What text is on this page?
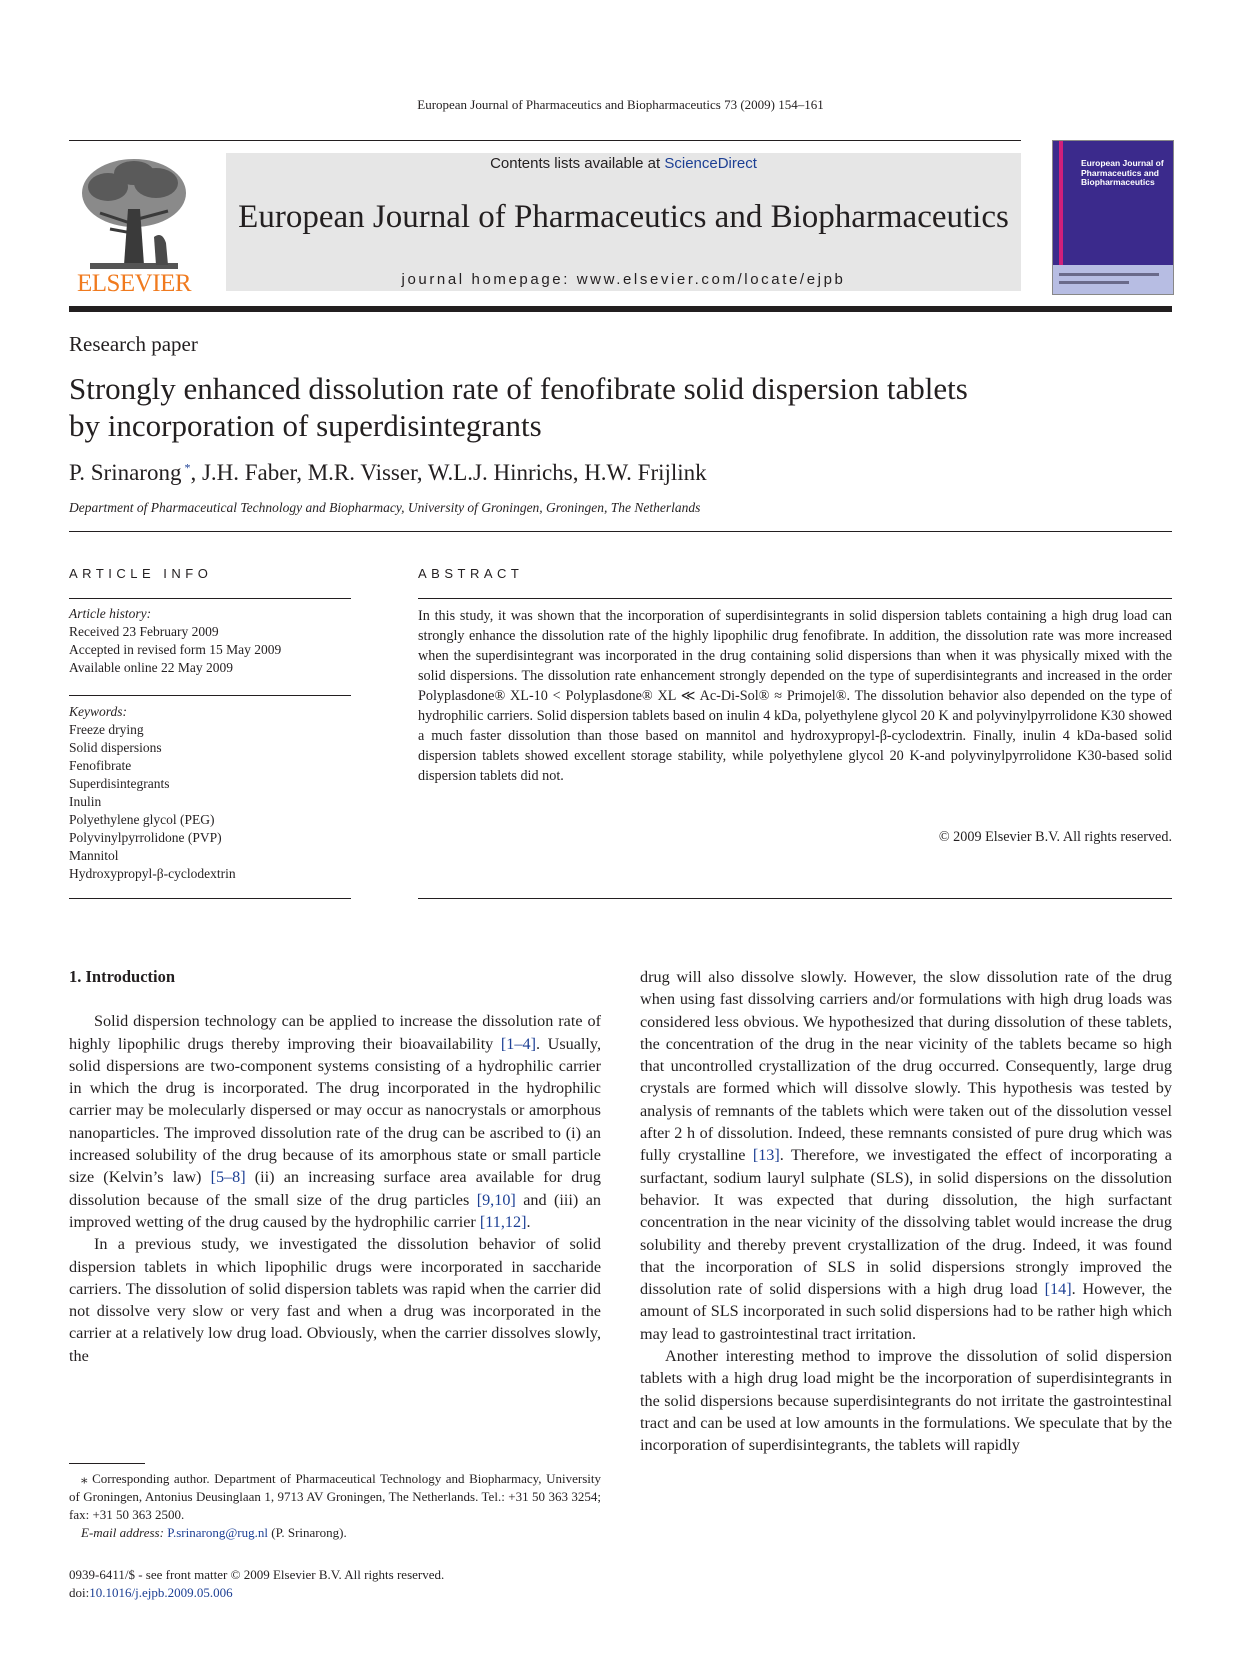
European Journal of Pharmaceutics and Biopharmaceutics 73 (2009) 154–161
ELSEVIER
Contents lists available at ScienceDirect
European Journal of Pharmaceutics and Biopharmaceutics
journal homepage: www.elsevier.com/locate/ejpb
European Journal of Pharmaceutics and Biopharmaceutics
Research paper
Strongly enhanced dissolution rate of fenofibrate solid dispersion tablets
by incorporation of superdisintegrants
P. Srinarong *, J.H. Faber, M.R. Visser, W.L.J. Hinrichs, H.W. Frijlink
Department of Pharmaceutical Technology and Biopharmacy, University of Groningen, Groningen, The Netherlands
ARTICLE INFO
Article history:
Received 23 February 2009
Accepted in revised form 15 May 2009
Available online 22 May 2009
Keywords:
Freeze drying
Solid dispersions
Fenofibrate
Superdisintegrants
Inulin
Polyethylene glycol (PEG)
Polyvinylpyrrolidone (PVP)
Mannitol
Hydroxypropyl-β-cyclodextrin
ABSTRACT
In this study, it was shown that the incorporation of superdisintegrants in solid dispersion tablets containing a high drug load can strongly enhance the dissolution rate of the highly lipophilic drug fenofibrate. In addition, the dissolution rate was more increased when the superdisintegrant was incorporated in the drug containing solid dispersions than when it was physically mixed with the solid dispersions. The dissolution rate enhancement strongly depended on the type of superdisintegrants and increased in the order Polyplasdone® XL-10 < Polyplasdone® XL ≪ Ac-Di-Sol® ≈ Primojel®. The dissolution behavior also depended on the type of hydrophilic carriers. Solid dispersion tablets based on inulin 4 kDa, polyethylene glycol 20 K and polyvinylpyrrolidone K30 showed a much faster dissolution than those based on mannitol and hydroxypropyl-β-cyclodextrin. Finally, inulin 4 kDa-based solid dispersion tablets showed excellent storage stability, while polyethylene glycol 20 K-and polyvinylpyrrolidone K30-based solid dispersion tablets did not.
© 2009 Elsevier B.V. All rights reserved.
1. Introduction

Solid dispersion technology can be applied to increase the dissolution rate of highly lipophilic drugs thereby improving their bioavailability [1–4]. Usually, solid dispersions are two-component systems consisting of a hydrophilic carrier in which the drug is incorporated. The drug incorporated in the hydrophilic carrier may be molecularly dispersed or may occur as nanocrystals or amorphous nanoparticles. The improved dissolution rate of the drug can be ascribed to (i) an increased solubility of the drug because of its amorphous state or small particle size (Kelvin’s law) [5–8] (ii) an increasing surface area available for drug dissolution because of the small size of the drug particles [9,10] and (iii) an improved wetting of the drug caused by the hydrophilic carrier [11,12].

In a previous study, we investigated the dissolution behavior of solid dispersion tablets in which lipophilic drugs were incorporated in saccharide carriers. The dissolution of solid dispersion tablets was rapid when the carrier did not dissolve very slow or very fast and when a drug was incorporated in the carrier at a relatively low drug load. Obviously, when the carrier dissolves slowly, the

drug will also dissolve slowly. However, the slow dissolution rate of the drug when using fast dissolving carriers and/or formulations with high drug loads was considered less obvious. We hypothesized that during dissolution of these tablets, the concentration of the drug in the near vicinity of the tablets became so high that uncontrolled crystallization of the drug occurred. Consequently, large drug crystals are formed which will dissolve slowly. This hypothesis was tested by analysis of remnants of the tablets which were taken out of the dissolution vessel after 2 h of dissolution. Indeed, these remnants consisted of pure drug which was fully crystalline [13]. Therefore, we investigated the effect of incorporating a surfactant, sodium lauryl sulphate (SLS), in solid dispersions on the dissolution behavior. It was expected that during dissolution, the high surfactant concentration in the near vicinity of the dissolving tablet would increase the drug solubility and thereby prevent crystallization of the drug. Indeed, it was found that the incorporation of SLS in solid dispersions strongly improved the dissolution rate of solid dispersions with a high drug load [14]. However, the amount of SLS incorporated in such solid dispersions had to be rather high which may lead to gastrointestinal tract irritation.

Another interesting method to improve the dissolution of solid dispersion tablets with a high drug load might be the incorporation of superdisintegrants in the solid dispersions because superdisintegrants do not irritate the gastrointestinal tract and can be used at low amounts in the formulations. We speculate that by the incorporation of superdisintegrants, the tablets will rapidly

⁎ Corresponding author. Department of Pharmaceutical Technology and Biopharmacy, University of Groningen, Antonius Deusinglaan 1, 9713 AV Groningen, The Netherlands. Tel.: +31 50 363 3254; fax: +31 50 363 2500.

E-mail address: P.srinarong@rug.nl (P. Srinarong).

0939-6411/$ - see front matter © 2009 Elsevier B.V. All rights reserved.
doi:10.1016/j.ejpb.2009.05.006
